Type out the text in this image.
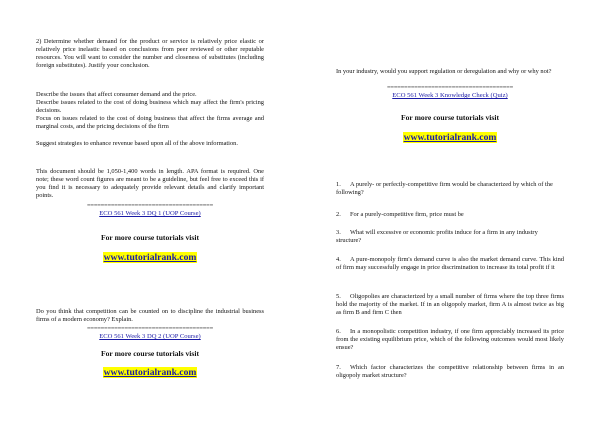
2) Determine whether demand for the product or service is relatively price elastic or relatively price inelastic based on conclusions from peer reviewed or other reputable resources. You will want to consider the number and closeness of substitutes (including foreign substitutes). Justify your conclusion.

Describe the issues that affect consumer demand and the price.

Describe issues related to the cost of doing business which may affect the firm's pricing decisions.

Focus on issues related to the cost of doing business that affect the firms average and marginal costs, and the pricing decisions of the firm

Suggest strategies to enhance revenue based upon all of the above information.

This document should be 1,050-1,400 words in length. APA format is required. One note; these word count figures are meant to be a guideline, but feel free to exceed this if you find it is necessary to adequately provide relevant details and clarify important points.

=====================================
ECO 561 Week 3 DQ 1 (UOP Course)
For more course tutorials visit
www.tutorialrank.com

Do you think that competition can be counted on to discipline the industrial business firms of a modern economy? Explain.

=====================================
ECO 561 Week 3 DQ 2 (UOP Course)
For more course tutorials visit
www.tutorialrank.com

In your industry, would you support regulation or deregulation and why or why not?

=====================================
ECO 561 Week 3 Knowledge Check (Quiz)
For more course tutorials visit
www.tutorialrank.com

1. A purely- or perfectly-competitive firm would be characterized by which of the following?

2. For a purely-competitive firm, price must be

3. What will excessive or economic profits induce for a firm in any industry structure?

4. A pure-monopoly firm's demand curve is also the market demand curve. This kind of firm may successfully engage in price discrimination to increase its total profit if it

5. Oligopolies are characterized by a small number of firms where the top three firms hold the majority of the market. If in an oligopoly market, firm A is almost twice as big as firm B and firm C then

6. In a monopolistic competition industry, if one firm appreciably increased its price from the existing equilibrium price, which of the following outcomes would most likely ensue?

7. Which factor characterizes the competitive relationship between firms in an oligopoly market structure?
